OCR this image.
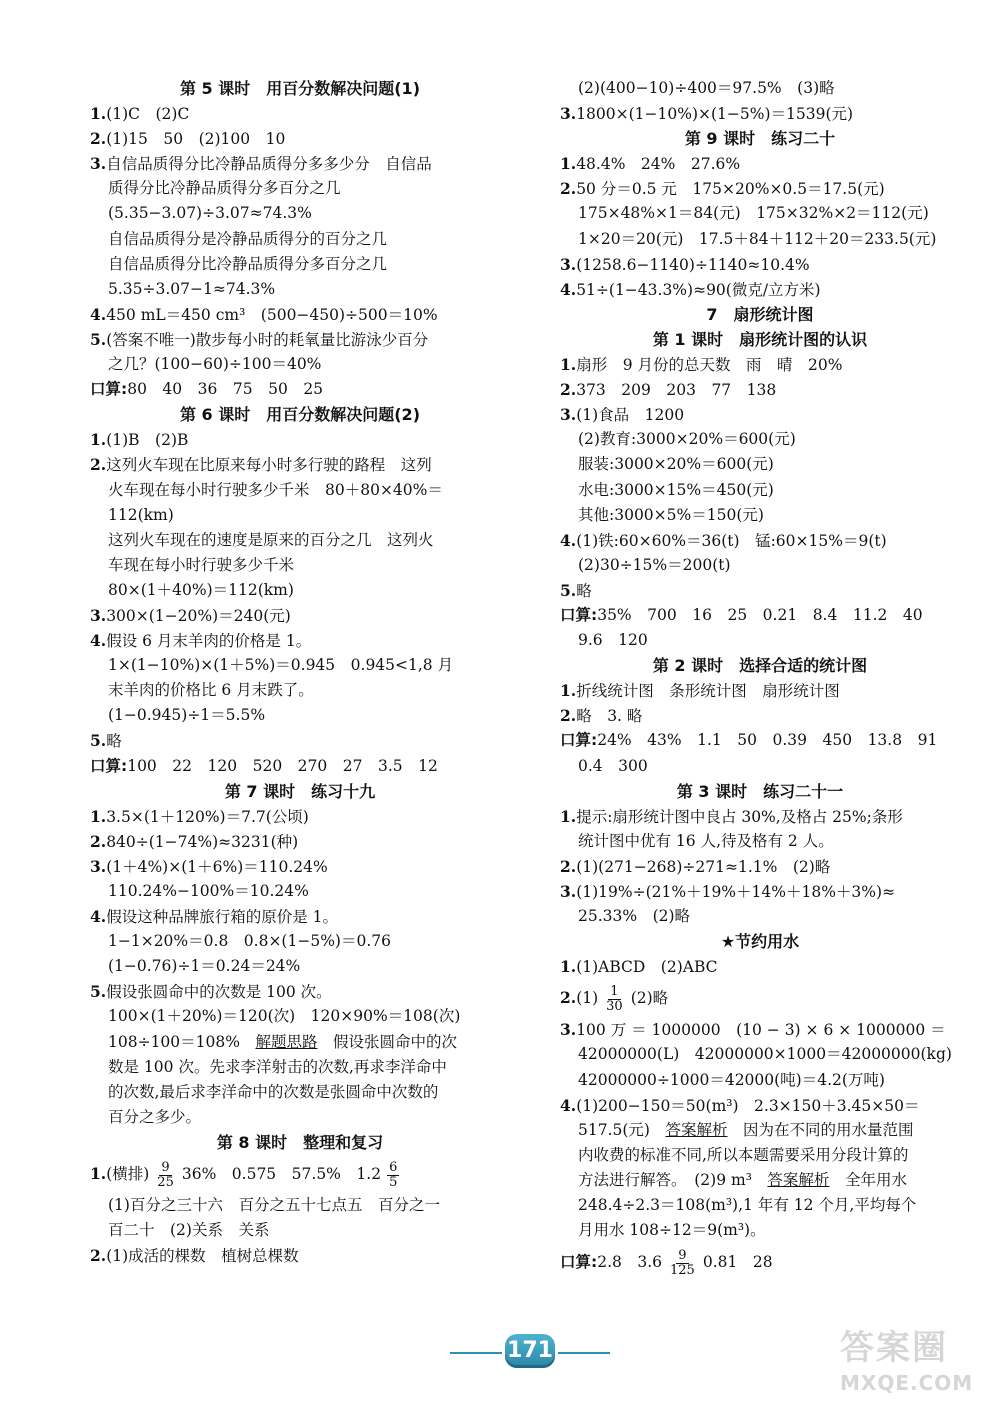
第 5 课时　用百分数解决问题(1)
1.(1)C　(2)C
2.(1)15　50　(2)100　10
3.自信品质得分比冷静品质得分多多少分　自信品
质得分比冷静品质得分多百分之几
(5.35−3.07)÷3.07≈74.3%
自信品质得分是冷静品质得分的百分之几
自信品质得分比冷静品质得分多百分之几
5.35÷3.07−1≈74.3%
4.450 mL＝450 cm³　(500−450)÷500＝10%
5.(答案不唯一)散步每小时的耗氧量比游泳少百分
之几？(100−60)÷100＝40%
口算:80　40　36　75　50　25
第 6 课时　用百分数解决问题(2)
1.(1)B　(2)B
2.这列火车现在比原来每小时多行驶的路程　这列
火车现在每小时行驶多少千米　80＋80×40%＝
112(km)
这列火车现在的速度是原来的百分之几　这列火
车现在每小时行驶多少千米
80×(1＋40%)＝112(km)
3.300×(1−20%)＝240(元)
4.假设 6 月末羊肉的价格是 1。
1×(1−10%)×(1＋5%)＝0.945　0.945<1,8 月
末羊肉的价格比 6 月末跌了。
(1−0.945)÷1＝5.5%
5.略
口算:100　22　120　520　270　27　3.5　12
第 7 课时　练习十九
1.3.5×(1＋120%)＝7.7(公顷)
2.840÷(1−74%)≈3231(种)
3.(1＋4%)×(1＋6%)＝110.24%
110.24%−100%＝10.24%
4.假设这种品牌旅行箱的原价是 1。
1−1×20%＝0.8　0.8×(1−5%)＝0.76
(1−0.76)÷1＝0.24＝24%
5.假设张圆命中的次数是 100 次。
100×(1＋20%)＝120(次)　120×90%＝108(次)
108÷100＝108%　解题思路　假设张圆命中的次
数是 100 次。先求李洋射击的次数,再求李洋命中
的次数,最后求李洋命中的次数是张圆命中次数的
百分之多少。
第 8 课时　整理和复习
1.(横排) $\frac{9}{25} 36\%$　0.575　57.5%　$1.2 \frac{6}{5}$
(1)百分之三十六　百分之五十七点五　百分之一
百二十　(2)关系　关系
2.(1)成活的棵数　植树总棵数
(2)(400−10)÷400＝97.5%　(3)略
3.1800×(1−10%)×(1−5%)＝1539(元)
第 9 课时　练习二十
1.48.4%　24%　27.6%
2.50 分＝0.5 元　175×20%×0.5＝17.5(元)
175×48%×1＝84(元)　175×32%×2＝112(元)
1×20＝20(元)　17.5＋84＋112＋20＝233.5(元)
3.(1258.6−1140)÷1140≈10.4%
4.51÷(1−43.3%)≈90(微克/立方米)
7　扇形统计图
第 1 课时　扇形统计图的认识
1.扇形　9 月份的总天数　雨　晴　20%
2.373　209　203　77　138
3.(1)食品　1200
(2)教育:3000×20%＝600(元)
服装:3000×20%＝600(元)
水电:3000×15%＝450(元)
其他:3000×5%＝150(元)
4.(1)铁:60×60%＝36(t)　锰:60×15%＝9(t)
(2)30÷15%＝200(t)
5.略
口算:35%　700　16　25　0.21　8.4　11.2　40
9.6　120
第 2 课时　选择合适的统计图
1.折线统计图　条形统计图　扇形统计图
2.略　3. 略
口算:24%　43%　1.1　50　0.39　450　13.8　91
0.4　300
第 3 课时　练习二十一
1.提示:扇形统计图中良占 30%,及格占 25%;条形
统计图中优有 16 人,待及格有 2 人。
2.(1)(271−268)÷271≈1.1%　(2)略
3.(1)19%÷(21%＋19%＋14%＋18%＋3%)≈
25.33%　(2)略
★节约用水
1.(1)ABCD　(2)ABC
$2.(1) \frac{1}{30} (2)$略
3.100 万 ＝ 1000000　(10 − 3) × 6 × 1000000 ＝
42000000(L)　42000000×1000＝42000000(kg)
42000000÷1000＝42000(吨)＝4.2(万吨)
4.(1)200−150＝50(m³)　2.3×150＋3.45×50＝
517.5(元)　答案解析　因为在不同的用水量范围
内收费的标准不同,所以本题需要采用分段计算的
方法进行解答。　(2)9 m³　答案解析　全年用水
248.4÷2.3＝108(m³),1 年有 12 个月,平均每个
月用水 108÷12＝9(m³)。
口算:2.8　$3.6 \frac{9}{125} 0.81$　28
171	答案圈
MXQE.COM
